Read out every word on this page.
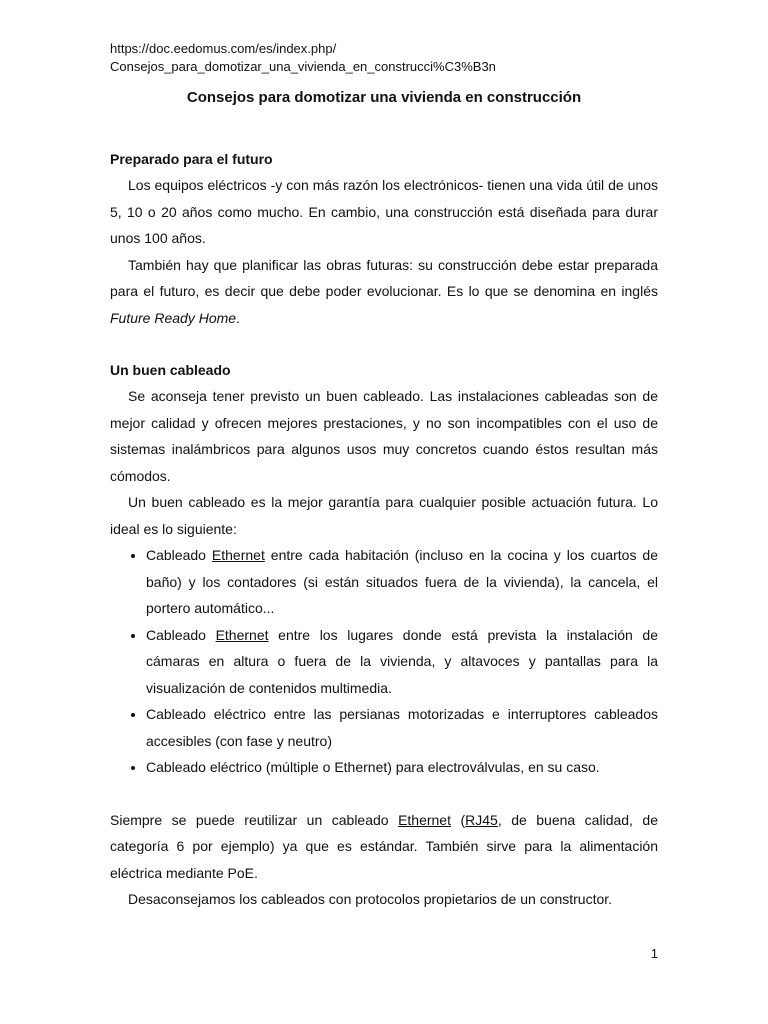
https://doc.eedomus.com/es/index.php/

Consejos_para_domotizar_una_vivienda_en_construcci%C3%B3n

Consejos para domotizar una vivienda en construcción
Preparado para el futuro

Los equipos eléctricos -y con más razón los electrónicos- tienen una vida útil de unos 5, 10 o 20 años como mucho. En cambio, una construcción está diseñada para durar unos 100 años.

También hay que planificar las obras futuras: su construcción debe estar preparada para el futuro, es decir que debe poder evolucionar. Es lo que se denomina en inglés Future Ready Home.

Un buen cableado

Se aconseja tener previsto un buen cableado. Las instalaciones cableadas son de mejor calidad y ofrecen mejores prestaciones, y no son incompatibles con el uso de sistemas inalámbricos para algunos usos muy concretos cuando éstos resultan más cómodos.

Un buen cableado es la mejor garantía para cualquier posible actuación futura. Lo ideal es lo siguiente:

• Cableado Ethernet entre cada habitación (incluso en la cocina y los cuartos de baño) y los contadores (si están situados fuera de la vivienda), la cancela, el portero automático...
• Cableado Ethernet entre los lugares donde está prevista la instalación de cámaras en altura o fuera de la vivienda, y altavoces y pantallas para la visualización de contenidos multimedia.
• Cableado eléctrico entre las persianas motorizadas e interruptores cableados accesibles (con fase y neutro)
• Cableado eléctrico (múltiple o Ethernet) para electroválvulas, en su caso.

Siempre se puede reutilizar un cableado Ethernet (RJ45, de buena calidad, de categoría 6 por ejemplo) ya que es estándar. También sirve para la alimentación eléctrica mediante PoE.

Desaconsejamos los cableados con protocolos propietarios de un constructor.

1
